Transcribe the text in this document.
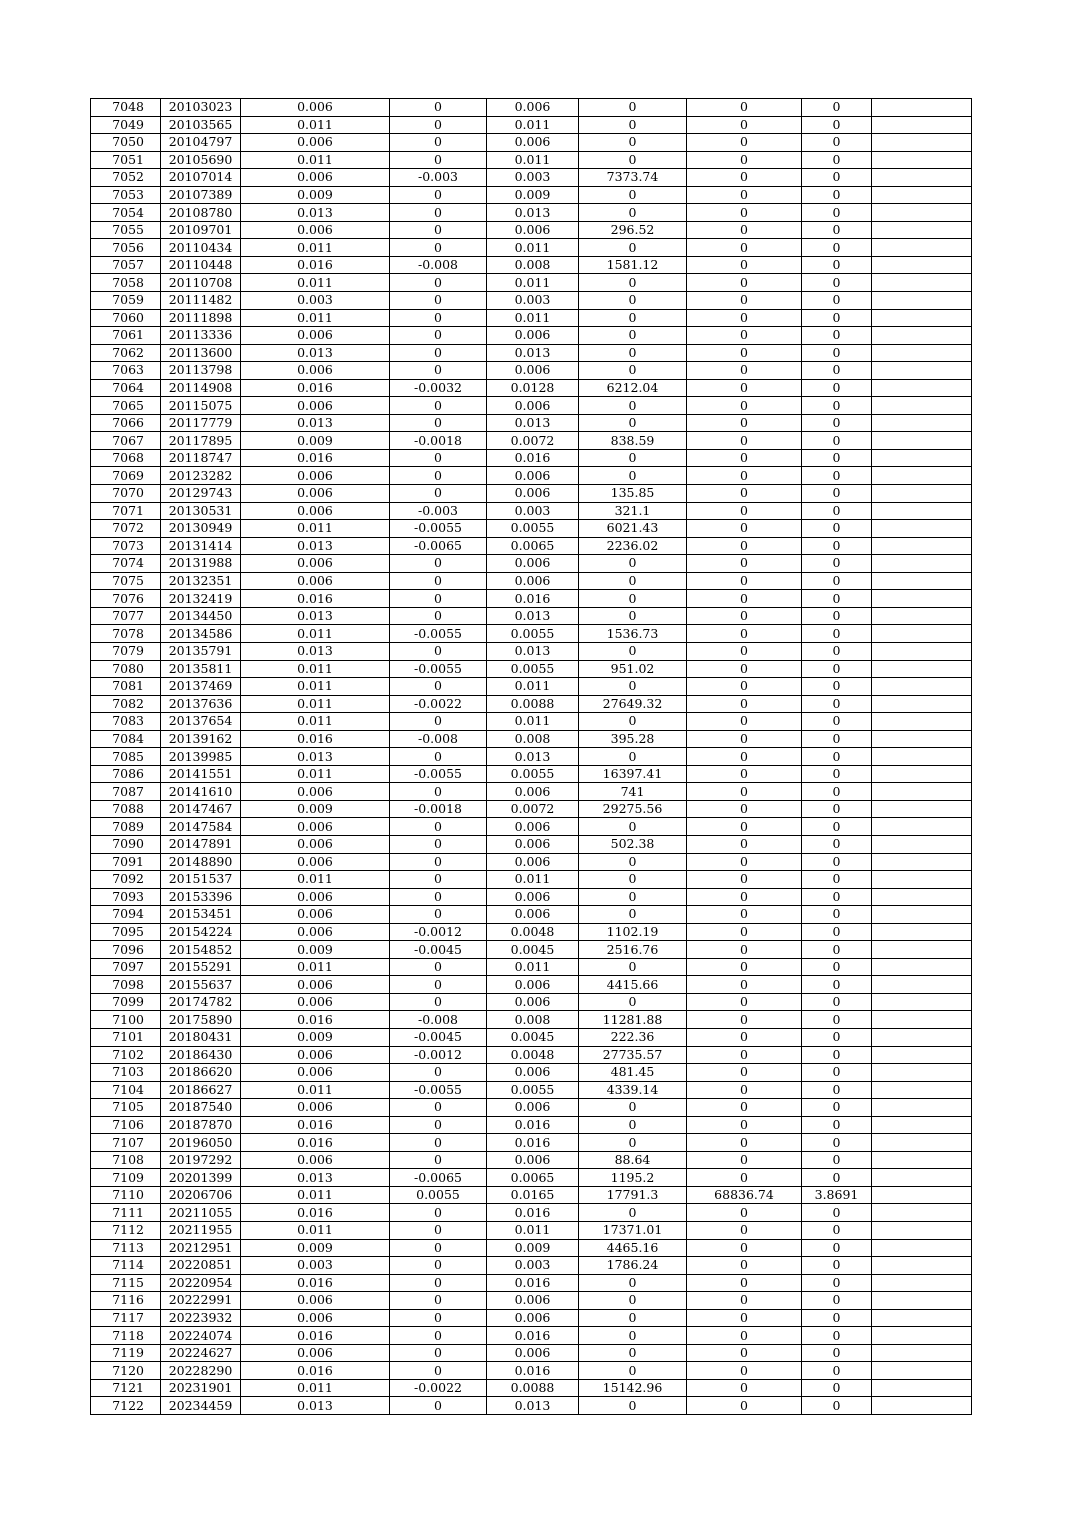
7048	20103023	0.006	0	0.006	0	0	0	
7049	20103565	0.011	0	0.011	0	0	0	
7050	20104797	0.006	0	0.006	0	0	0	
7051	20105690	0.011	0	0.011	0	0	0	
7052	20107014	0.006	-0.003	0.003	7373.74	0	0	
7053	20107389	0.009	0	0.009	0	0	0	
7054	20108780	0.013	0	0.013	0	0	0	
7055	20109701	0.006	0	0.006	296.52	0	0	
7056	20110434	0.011	0	0.011	0	0	0	
7057	20110448	0.016	-0.008	0.008	1581.12	0	0	
7058	20110708	0.011	0	0.011	0	0	0	
7059	20111482	0.003	0	0.003	0	0	0	
7060	20111898	0.011	0	0.011	0	0	0	
7061	20113336	0.006	0	0.006	0	0	0	
7062	20113600	0.013	0	0.013	0	0	0	
7063	20113798	0.006	0	0.006	0	0	0	
7064	20114908	0.016	-0.0032	0.0128	6212.04	0	0	
7065	20115075	0.006	0	0.006	0	0	0	
7066	20117779	0.013	0	0.013	0	0	0	
7067	20117895	0.009	-0.0018	0.0072	838.59	0	0	
7068	20118747	0.016	0	0.016	0	0	0	
7069	20123282	0.006	0	0.006	0	0	0	
7070	20129743	0.006	0	0.006	135.85	0	0	
7071	20130531	0.006	-0.003	0.003	321.1	0	0	
7072	20130949	0.011	-0.0055	0.0055	6021.43	0	0	
7073	20131414	0.013	-0.0065	0.0065	2236.02	0	0	
7074	20131988	0.006	0	0.006	0	0	0	
7075	20132351	0.006	0	0.006	0	0	0	
7076	20132419	0.016	0	0.016	0	0	0	
7077	20134450	0.013	0	0.013	0	0	0	
7078	20134586	0.011	-0.0055	0.0055	1536.73	0	0	
7079	20135791	0.013	0	0.013	0	0	0	
7080	20135811	0.011	-0.0055	0.0055	951.02	0	0	
7081	20137469	0.011	0	0.011	0	0	0	
7082	20137636	0.011	-0.0022	0.0088	27649.32	0	0	
7083	20137654	0.011	0	0.011	0	0	0	
7084	20139162	0.016	-0.008	0.008	395.28	0	0	
7085	20139985	0.013	0	0.013	0	0	0	
7086	20141551	0.011	-0.0055	0.0055	16397.41	0	0	
7087	20141610	0.006	0	0.006	741	0	0	
7088	20147467	0.009	-0.0018	0.0072	29275.56	0	0	
7089	20147584	0.006	0	0.006	0	0	0	
7090	20147891	0.006	0	0.006	502.38	0	0	
7091	20148890	0.006	0	0.006	0	0	0	
7092	20151537	0.011	0	0.011	0	0	0	
7093	20153396	0.006	0	0.006	0	0	0	
7094	20153451	0.006	0	0.006	0	0	0	
7095	20154224	0.006	-0.0012	0.0048	1102.19	0	0	
7096	20154852	0.009	-0.0045	0.0045	2516.76	0	0	
7097	20155291	0.011	0	0.011	0	0	0	
7098	20155637	0.006	0	0.006	4415.66	0	0	
7099	20174782	0.006	0	0.006	0	0	0	
7100	20175890	0.016	-0.008	0.008	11281.88	0	0	
7101	20180431	0.009	-0.0045	0.0045	222.36	0	0	
7102	20186430	0.006	-0.0012	0.0048	27735.57	0	0	
7103	20186620	0.006	0	0.006	481.45	0	0	
7104	20186627	0.011	-0.0055	0.0055	4339.14	0	0	
7105	20187540	0.006	0	0.006	0	0	0	
7106	20187870	0.016	0	0.016	0	0	0	
7107	20196050	0.016	0	0.016	0	0	0	
7108	20197292	0.006	0	0.006	88.64	0	0	
7109	20201399	0.013	-0.0065	0.0065	1195.2	0	0	
7110	20206706	0.011	0.0055	0.0165	17791.3	68836.74	3.8691	
7111	20211055	0.016	0	0.016	0	0	0	
7112	20211955	0.011	0	0.011	17371.01	0	0	
7113	20212951	0.009	0	0.009	4465.16	0	0	
7114	20220851	0.003	0	0.003	1786.24	0	0	
7115	20220954	0.016	0	0.016	0	0	0	
7116	20222991	0.006	0	0.006	0	0	0	
7117	20223932	0.006	0	0.006	0	0	0	
7118	20224074	0.016	0	0.016	0	0	0	
7119	20224627	0.006	0	0.006	0	0	0	
7120	20228290	0.016	0	0.016	0	0	0	
7121	20231901	0.011	-0.0022	0.0088	15142.96	0	0	
7122	20234459	0.013	0	0.013	0	0	0	
